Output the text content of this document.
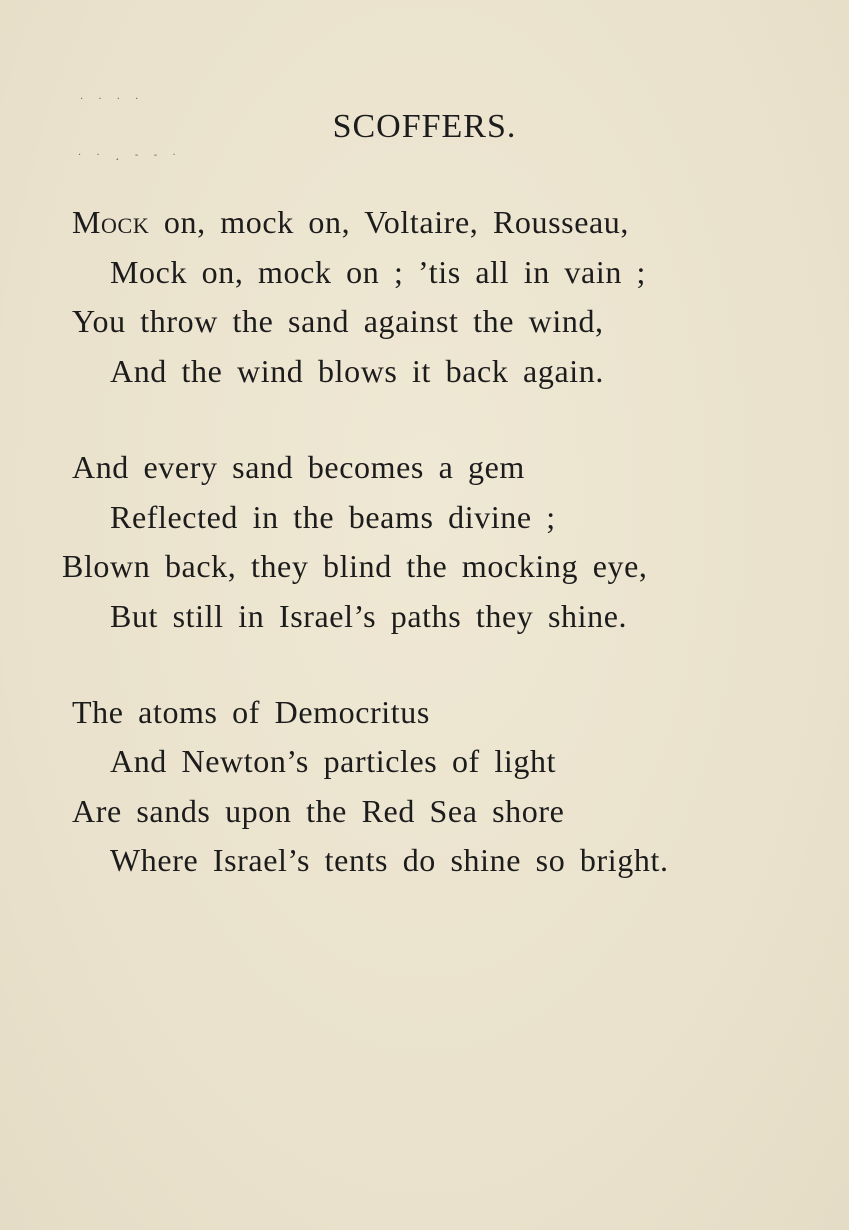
· · · ·
· · ¸ ‐ ‐ ·
SCOFFERS.
Mock on, mock on, Voltaire, Rousseau,
Mock on, mock on ; ’tis all in vain ;
You throw the sand against the wind,
And the wind blows it back again.
And every sand becomes a gem
Reflected in the beams divine ;
Blown back, they blind the mocking eye,
But still in Israel’s paths they shine.
The atoms of Democritus
And Newton’s particles of light
Are sands upon the Red Sea shore
Where Israel’s tents do shine so bright.
